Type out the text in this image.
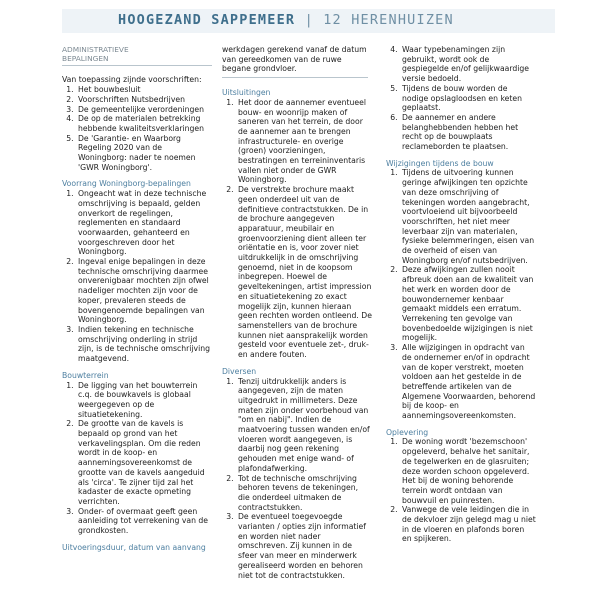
HOOGEZAND SAPPEMEER | 12 HERENHUIZEN
ADMINISTRATIEVE
BEPALINGEN

Van toepassing zijnde voorschriften:

1. Het bouwbesluit
2. Voorschriften Nutsbedrijven
3. De gemeentelijke verordeningen
4. De op de materialen betrekking hebbende kwaliteitsverklaringen
5. De 'Garantie- en Waarborg Regeling 2020 van de Woningborg: nader te noemen 'GWR Woningborg'.
Voorrang Woningborg-bepalingen
1. Ongeacht wat in deze technische omschrijving is bepaald, gelden onverkort de regelingen, reglementen en standaard voorwaarden, gehanteerd en voorgeschreven door het Woningborg.
2. Ingeval enige bepalingen in deze technische omschrijving daarmee onverenigbaar mochten zijn ofwel nadeliger mochten zijn voor de koper, prevaleren steeds de bovengenoemde bepalingen van Woningborg.
3. Indien tekening en technische omschrijving onderling in strijd zijn, is de technische omschrijving maatgevend.
Bouwterrein
1. De ligging van het bouwterrein c.q. de bouwkavels is globaal weergegeven op de situatietekening.
2. De grootte van de kavels is bepaald op grond van het verkavelingsplan. Om die reden wordt in de koop- en aannemingsovereenkomst de grootte van de kavels aangeduid als 'circa'. Te zijner tijd zal het kadaster de exacte opmeting verrichten.
3. Onder- of overmaat geeft geen aanleiding tot verrekening van de grondkosten.
Uitvoeringsduur, datum van aanvang

werkdagen gerekend vanaf de datum van gereedkomen van de ruwe begane grondvloer.

Uitsluitingen
1. Het door de aannemer eventueel bouw- en woonrijp maken of saneren van het terrein, de door de aannemer aan te brengen infrastructurele- en overige (groen) voorzieningen, bestratingen en terreininventaris vallen niet onder de GWR Woningborg.
2. De verstrekte brochure maakt geen onderdeel uit van de definitieve contractstukken. De in de brochure aangegeven apparatuur, meubilair en groenvoorziening dient alleen ter oriëntatie en is, voor zover niet uitdrukkelijk in de omschrijving genoemd, niet in de koopsom inbegrepen. Hoewel de geveltekeningen, artist impression en situatietekening zo exact mogelijk zijn, kunnen hieraan geen rechten worden ontleend. De samenstellers van de brochure kunnen niet aansprakelijk worden gesteld voor eventuele zet-, druk- en andere fouten.
Diversen
1. Tenzij uitdrukkelijk anders is aangegeven, zijn de maten uitgedrukt in millimeters. Deze maten zijn onder voorbehoud van "om en nabij". Indien de maatvoering tussen wanden en/of vloeren wordt aangegeven, is daarbij nog geen rekening gehouden met enige wand- of plafondafwerking.
2. Tot de technische omschrijving behoren tevens de tekeningen, die onderdeel uitmaken de contractstukken.
3. De eventueel toegevoegde varianten / opties zijn informatief en worden niet nader omschreven. Zij kunnen in de sfeer van meer en minderwerk gerealiseerd worden en behoren niet tot de contractstukken.
4. Waar typebenamingen zijn gebruikt, wordt ook de gespiegelde en/of gelijkwaardige versie bedoeld.
5. Tijdens de bouw worden de nodige opslagloodsen en keten geplaatst.
6. De aannemer en andere belanghebbenden hebben het recht op de bouwplaats reclameborden te plaatsen.
Wijzigingen tijdens de bouw
1. Tijdens de uitvoering kunnen geringe afwijkingen ten opzichte van deze omschrijving of tekeningen worden aangebracht, voortvloeiend uit bijvoorbeeld voorschriften, het niet meer leverbaar zijn van materialen, fysieke belemmeringen, eisen van de overheid of eisen van Woningborg en/of nutsbedrijven.
2. Deze afwijkingen zullen nooit afbreuk doen aan de kwaliteit van het werk en worden door de bouwondernemer kenbaar gemaakt middels een erratum. Verrekening ten gevolge van bovenbedoelde wijzigingen is niet mogelijk.
3. Alle wijzigingen in opdracht van de ondernemer en/of in opdracht van de koper verstrekt, moeten voldoen aan het gestelde in de betreffende artikelen van de Algemene Voorwaarden, behorend bij de koop- en aannemingsovereenkomsten.
Oplevering
1. De woning wordt 'bezemschoon' opgeleverd, behalve het sanitair, de tegelwerken en de glasruiten; deze worden schoon opgeleverd. Het bij de woning behorende terrein wordt ontdaan van bouwvuil en puinresten.
2. Vanwege de vele leidingen die in de dekvloer zijn gelegd mag u niet in de vloeren en plafonds boren en spijkeren.
